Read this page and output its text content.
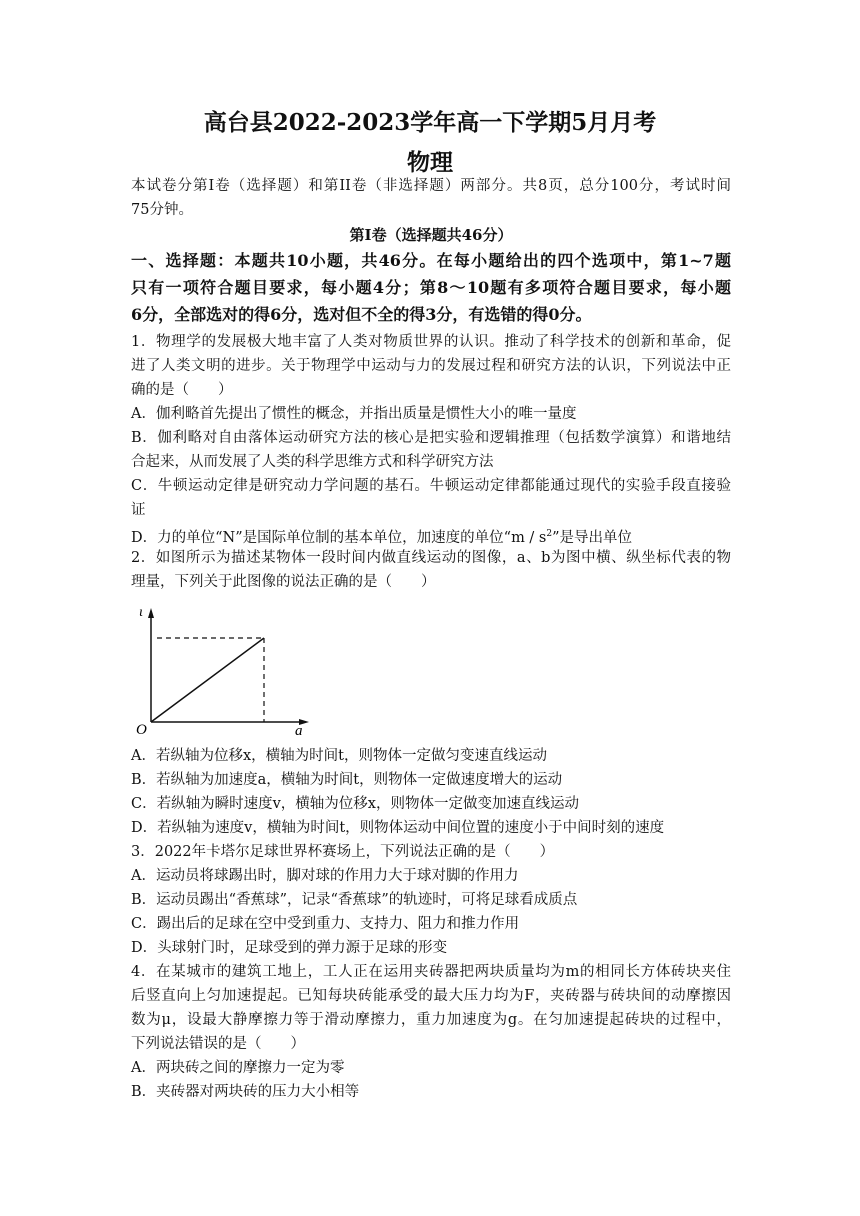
高台县2022-2023学年高一下学期5月月考
物理
本试卷分第I卷（选择题）和第II卷（非选择题）两部分。共8页，总分100分，考试时间
75分钟。
第I卷（选择题共46分）
一、选择题：本题共10小题，共46分。在每小题给出的四个选项中，第1~7题
只有一项符合题目要求，每小题4分；第8～10题有多项符合题目要求，每小题
6分，全部选对的得6分，选对但不全的得3分，有选错的得0分。
1．物理学的发展极大地丰富了人类对物质世界的认识。推动了科学技术的创新和革命，促
进了人类文明的进步。关于物理学中运动与力的发展过程和研究方法的认识，下列说法中正
确的是（　　）
A．伽利略首先提出了惯性的概念，并指出质量是惯性大小的唯一量度
B．伽利略对自由落体运动研究方法的核心是把实验和逻辑推理（包括数学演算）和谐地结
合起来，从而发展了人类的科学思维方式和科学研究方法
C．牛顿运动定律是研究动力学问题的基石。牛顿运动定律都能通过现代的实验手段直接验
证
D．力的单位“N”是国际单位制的基本单位，加速度的单位“m / $s^2$”是导出单位
2．如图所示为描述某物体一段时间内做直线运动的图像，a、b为图中横、纵坐标代表的物
理量，下列关于此图像的说法正确的是（　　）
ι
O	a
A．若纵轴为位移x，横轴为时间t，则物体一定做匀变速直线运动
B．若纵轴为加速度a，横轴为时间t，则物体一定做速度增大的运动
C．若纵轴为瞬时速度v，横轴为位移x，则物体一定做变加速直线运动
D．若纵轴为速度v，横轴为时间t，则物体运动中间位置的速度小于中间时刻的速度
3．2022年卡塔尔足球世界杯赛场上，下列说法正确的是（　　）
A．运动员将球踢出时，脚对球的作用力大于球对脚的作用力
B．运动员踢出“香蕉球”，记录“香蕉球”的轨迹时，可将足球看成质点
C．踢出后的足球在空中受到重力、支持力、阻力和推力作用
D．头球射门时，足球受到的弹力源于足球的形变
4．在某城市的建筑工地上，工人正在运用夹砖器把两块质量均为m的相同长方体砖块夹住
后竖直向上匀加速提起。已知每块砖能承受的最大压力均为F，夹砖器与砖块间的动摩擦因
数为μ，设最大静摩擦力等于滑动摩擦力，重力加速度为g。在匀加速提起砖块的过程中，
下列说法错误的是（　　）
A．两块砖之间的摩擦力一定为零
B．夹砖器对两块砖的压力大小相等
